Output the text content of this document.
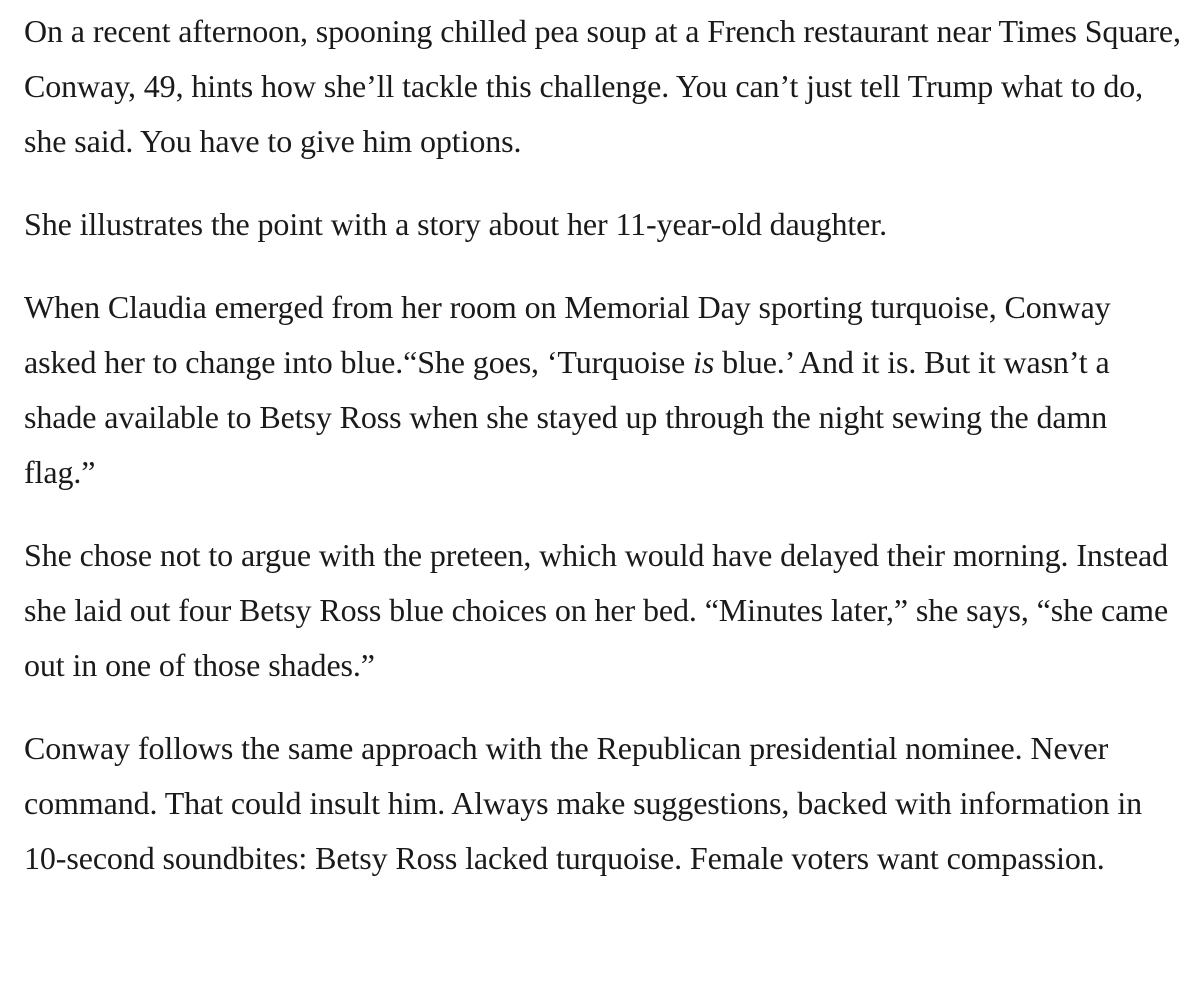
On a recent afternoon, spooning chilled pea soup at a French restaurant near Times Square, Conway, 49, hints how she’ll tackle this challenge. You can’t just tell Trump what to do, she said. You have to give him options.

She illustrates the point with a story about her 11-year-old daughter.

When Claudia emerged from her room on Memorial Day sporting turquoise, Conway asked her to change into blue.“She goes, ‘Turquoise is blue.’ And it is. But it wasn’t a shade available to Betsy Ross when she stayed up through the night sewing the damn flag.”

She chose not to argue with the preteen, which would have delayed their morning. Instead she laid out four Betsy Ross blue choices on her bed. “Minutes later,” she says, “she came out in one of those shades.”

Conway follows the same approach with the Republican presidential nominee. Never command. That could insult him. Always make suggestions, backed with information in 10-second soundbites: Betsy Ross lacked turquoise. Female voters want compassion.
